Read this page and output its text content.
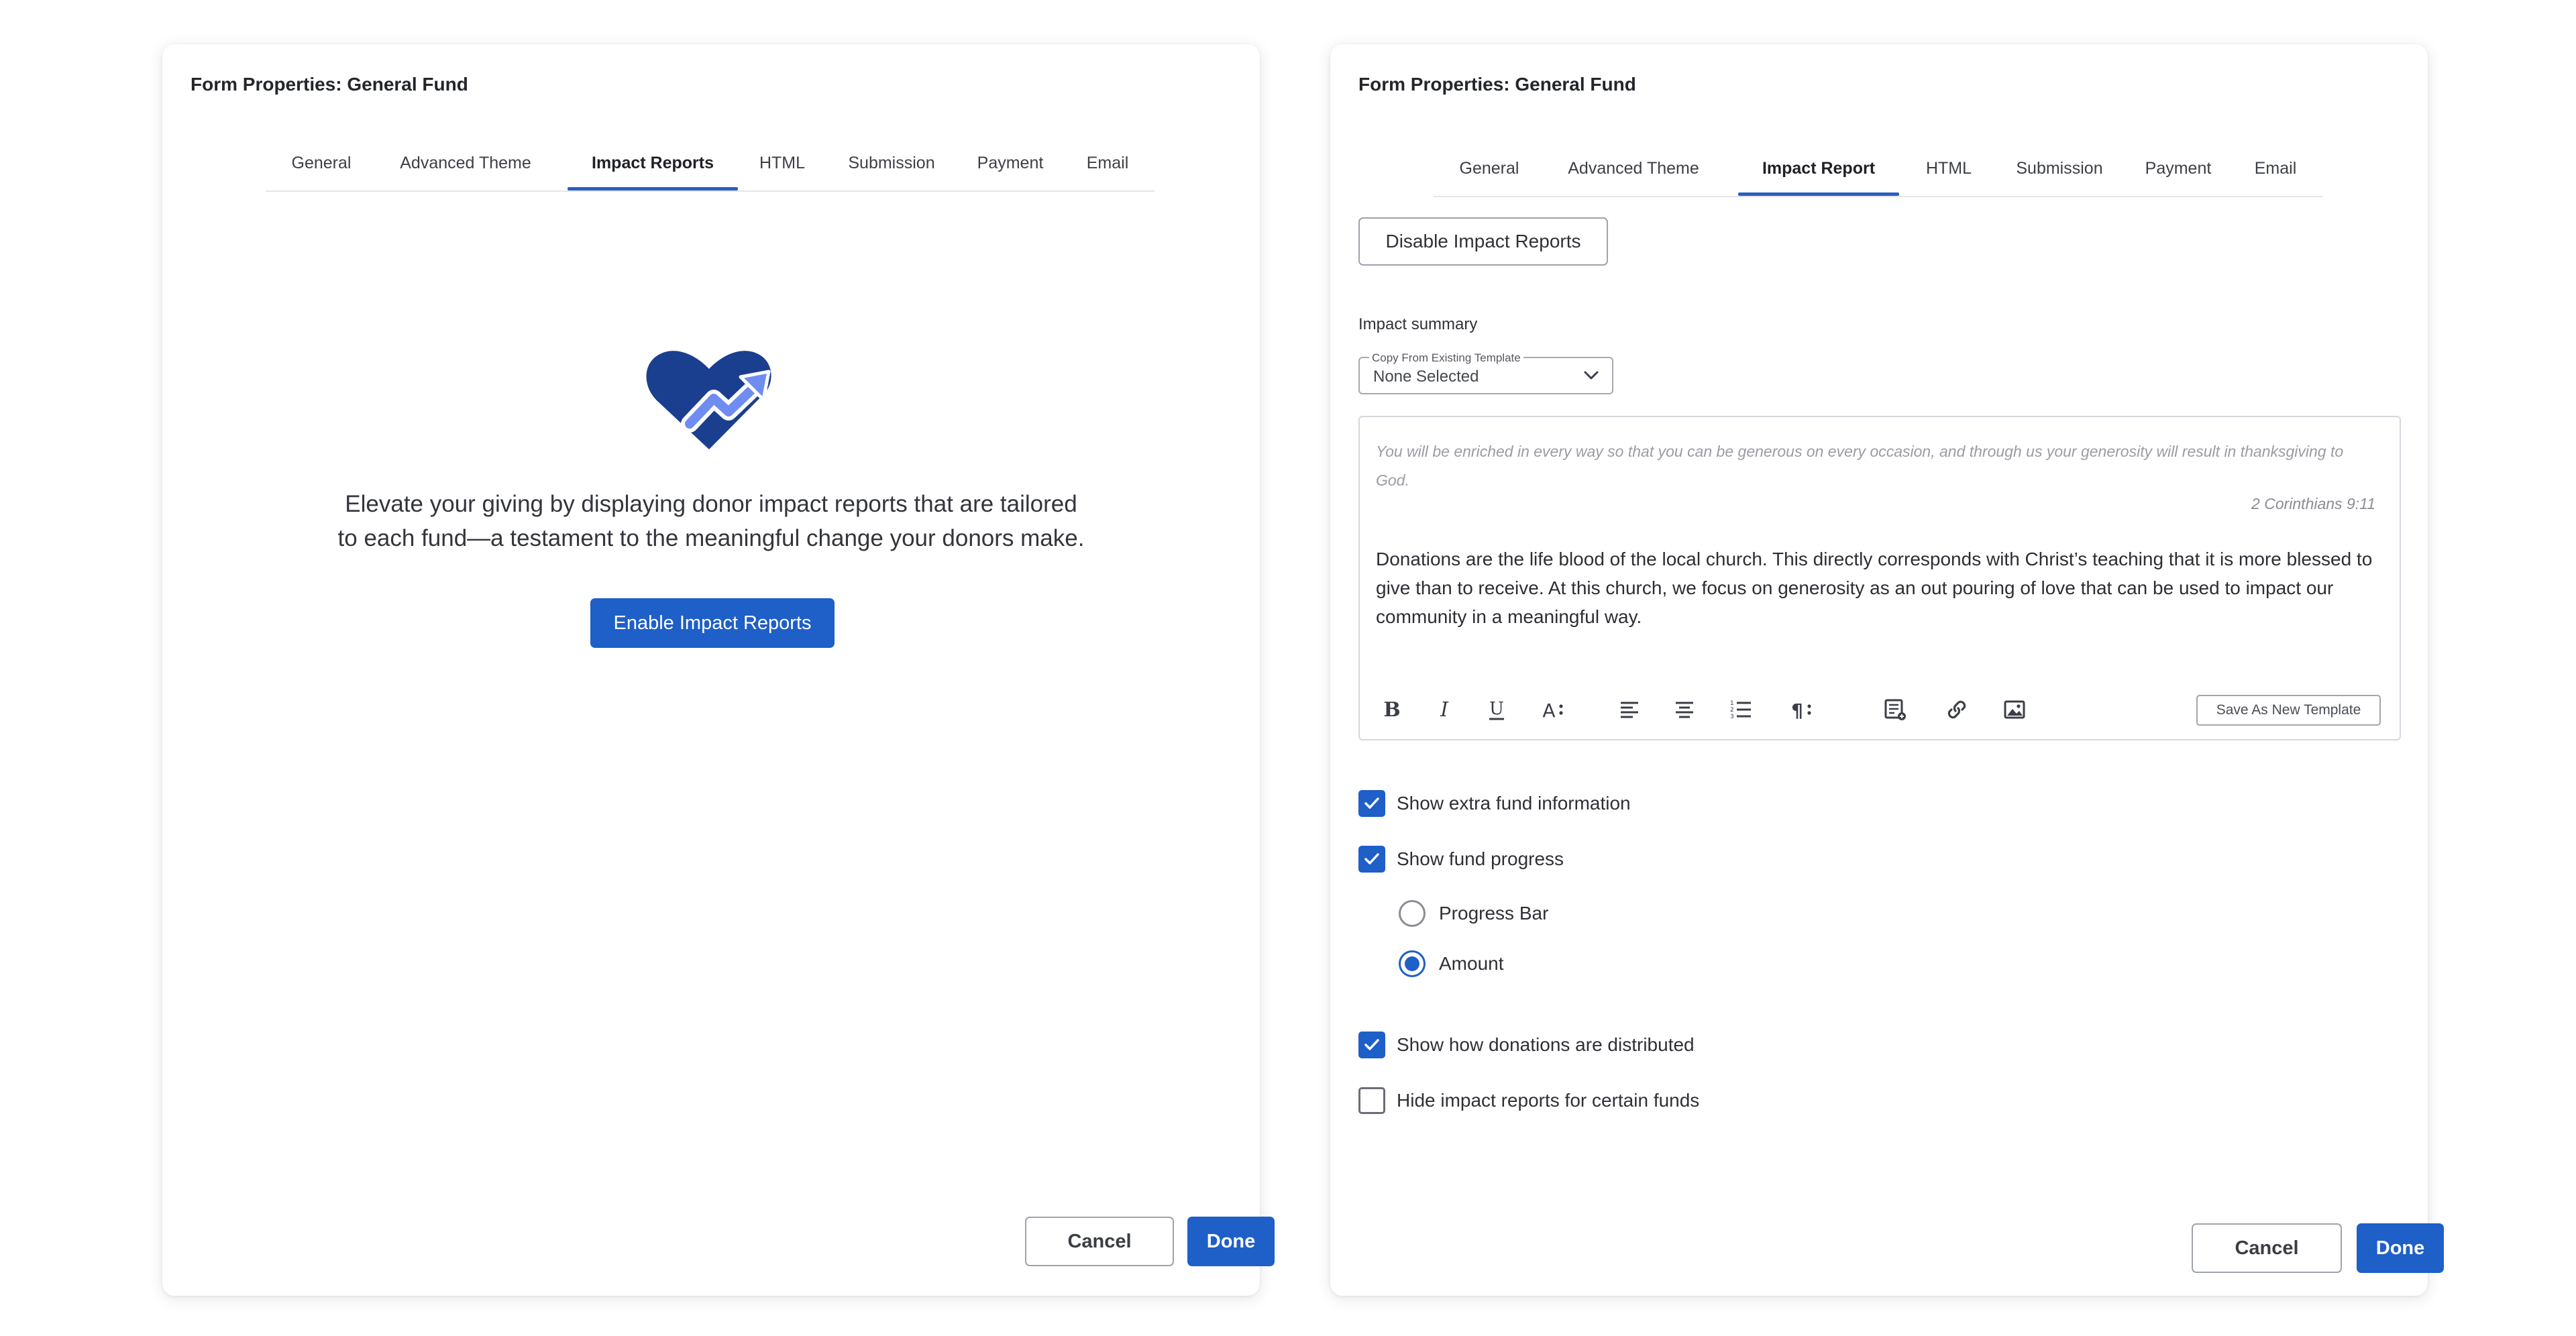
Form Properties: General Fund
General	Advanced Theme	Impact Reports	HTML	Submission	Payment	Email
Elevate your giving by displaying donor impact reports that are tailored
to each fund—a testament to the meaningful change your donors make.
Enable Impact Reports
Cancel	Done
Form Properties: General Fund
General	Advanced Theme	Impact Report	HTML	Submission	Payment	Email
Disable Impact Reports
Impact summary
Copy From Existing Template
None Selected
You will be enriched in every way so that you can be generous on every occasion, and through us your generosity will result in thanksgiving to God.
2 Corinthians 9:11
Donations are the life blood of the local church. This directly corresponds with Christ’s teaching that it is more blessed to give than to receive. At this church, we focus on generosity as an out pouring of love that can be used to impact our community in a meaningful way.
B I U A	1
2
3	¶	Save As New Template
Show extra fund information
Show fund progress
Progress Bar
Amount
Show how donations are distributed
Hide impact reports for certain funds
Cancel	Done
